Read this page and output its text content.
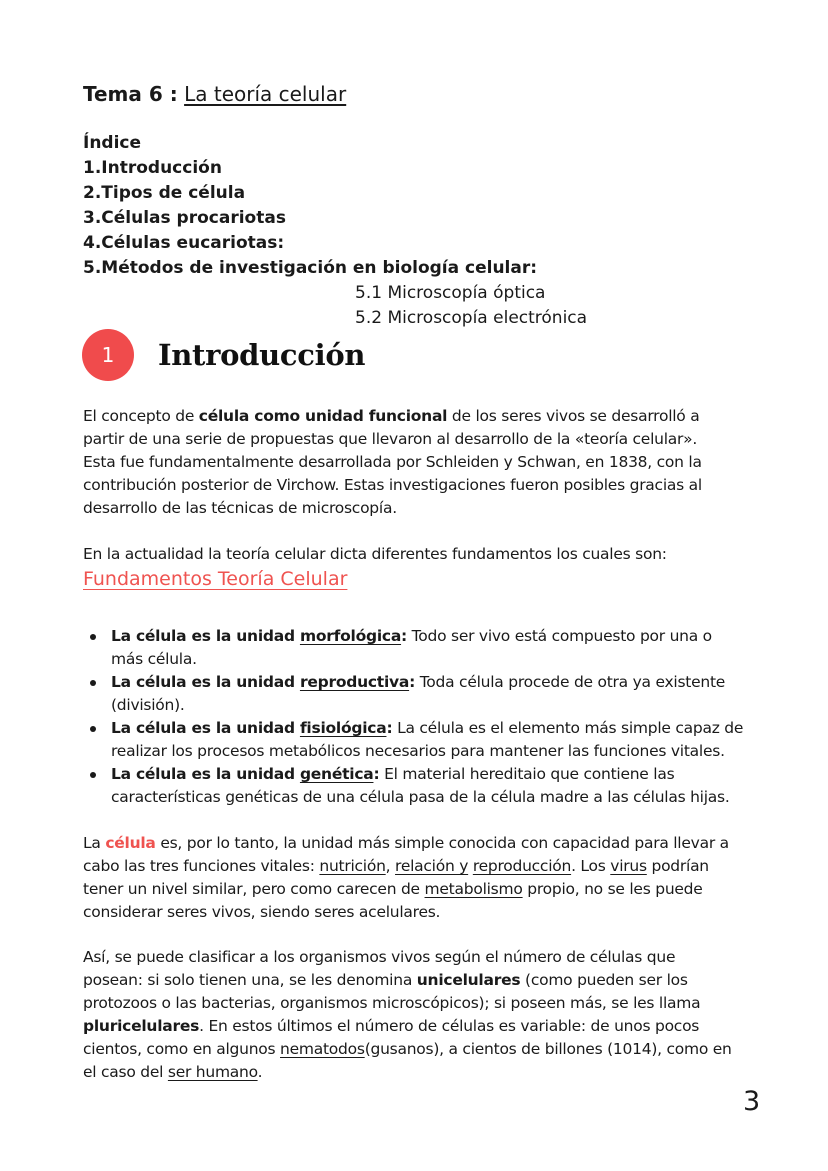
Tema 6 : La teoría celular
Índice
1.Introducción
2.Tipos de célula
3.Células procariotas
4.Células eucariotas:
5.Métodos de investigación en biología celular:
5.1 Microscopía óptica
5.2 Microscopía electrónica
1	Introducción
El concepto de célula como unidad funcional de los seres vivos se desarrolló a
partir de una serie de propuestas que llevaron al desarrollo de la «teoría celular».
Esta fue fundamentalmente desarrollada por Schleiden y Schwan, en 1838, con la
contribución posterior de Virchow. Estas investigaciones fueron posibles gracias al
desarrollo de las técnicas de microscopía.
En la actualidad la teoría celular dicta diferentes fundamentos los cuales son:
Fundamentos Teoría Celular
La célula es la unidad morfológica: Todo ser vivo está compuesto por una o
más célula.
La célula es la unidad reproductiva: Toda célula procede de otra ya existente
(división).
La célula es la unidad fisiológica: La célula es el elemento más simple capaz de
realizar los procesos metabólicos necesarios para mantener las funciones vitales.
La célula es la unidad genética: El material hereditaio que contiene las
características genéticas de una célula pasa de la célula madre a las células hijas.
La célula es, por lo tanto, la unidad más simple conocida con capacidad para llevar a
cabo las tres funciones vitales: nutrición, relación y reproducción. Los virus podrían
tener un nivel similar, pero como carecen de metabolismo propio, no se les puede
considerar seres vivos, siendo seres acelulares.
Así, se puede clasificar a los organismos vivos según el número de células que
posean: si solo tienen una, se les denomina unicelulares (como pueden ser los
protozoos o las bacterias, organismos microscópicos); si poseen más, se les llama
pluricelulares. En estos últimos el número de células es variable: de unos pocos
cientos, como en algunos nematodos(gusanos), a cientos de billones (1014), como en
el caso del ser humano.
3
